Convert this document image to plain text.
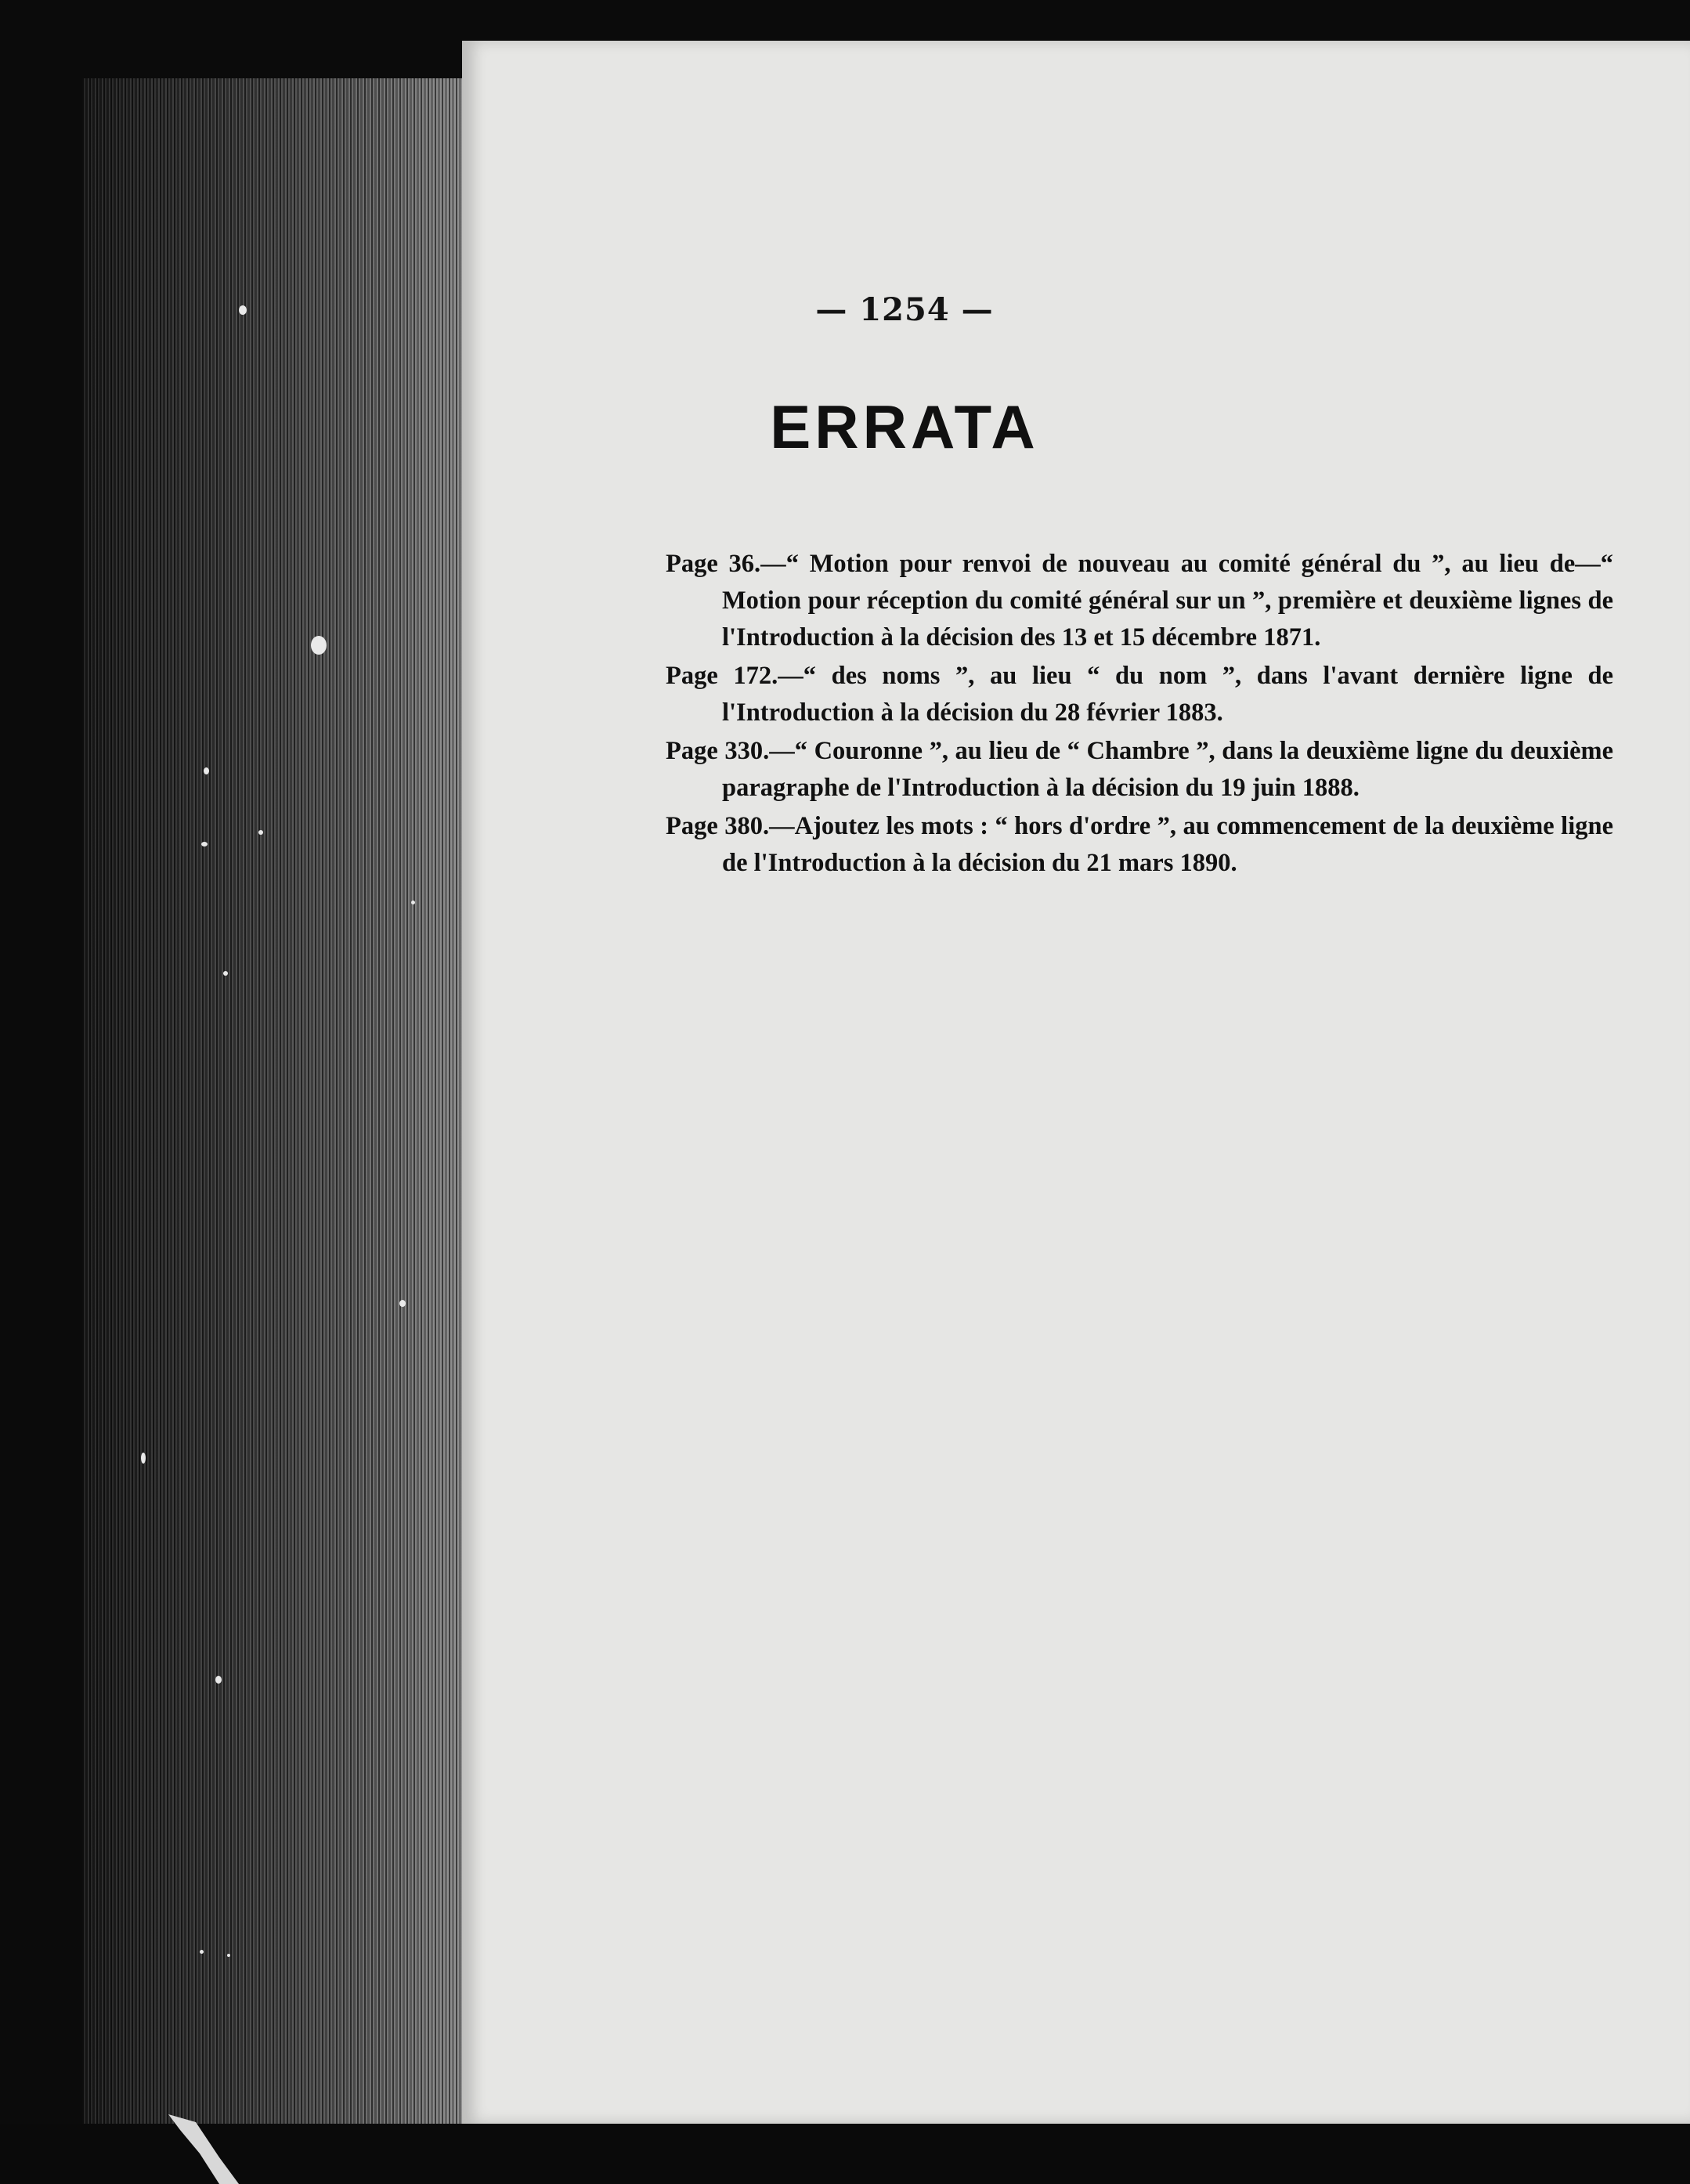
— 1254 —
ERRATA

Page 36.—“ Motion pour renvoi de nouveau au comité général du ”, au lieu de—“ Motion pour réception du comité général sur un ”, première et deuxième lignes de l'Introduction à la décision des 13 et 15 décembre 1871.

Page 172.—“ des noms ”, au lieu “ du nom ”, dans l'avant dernière ligne de l'Introduction à la décision du 28 février 1883.

Page 330.—“ Couronne ”, au lieu de “ Chambre ”, dans la deuxième ligne du deuxième paragraphe de l'Introduction à la décision du 19 juin 1888.

Page 380.—Ajoutez les mots : “ hors d'ordre ”, au commencement de la deuxième ligne de l'Introduction à la décision du 21 mars 1890.
